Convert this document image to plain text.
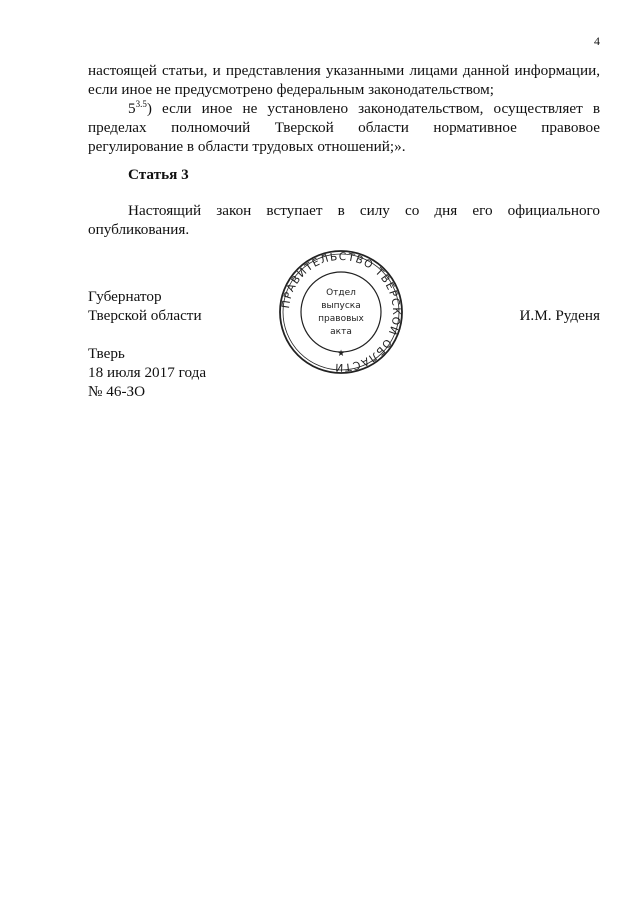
4
настоящей статьи, и представления указанными лицами данной информации,
если иное не предусмотрено федеральным законодательством;
$5^{3.5}$) если иное не установлено законодательством, осуществляет в
пределах полномочий Тверской области нормативное правовое
регулирование в области трудовых отношений;».
Статья 3
Настоящий закон вступает в силу со дня его официального
опубликования.
Губернатор
Тверской области	И.М. Руденя
Тверь
18 июля 2017 года
№ 46-ЗО
ПРАВИТЕЛЬСТВО ТВЕРСКОЙ ОБЛАСТИ
★
Отдел
выпуска
правовых
акта
